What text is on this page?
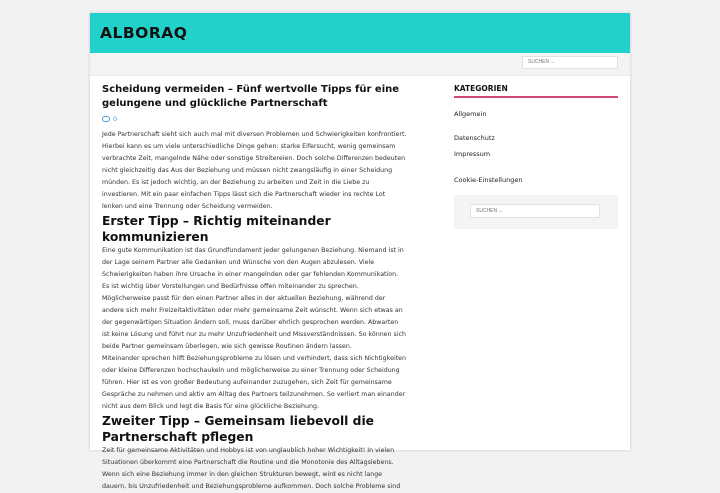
ALBORAQ
SUCHEN ...
Scheidung vermeiden – Fünf wertvolle Tipps für eine gelungene und glückliche Partnerschaft
0

Jede Partnerschaft sieht sich auch mal mit diversen Problemen und Schwierigkeiten konfrontiert.
Hierbei kann es um viele unterschiedliche Dinge gehen: starke Eifersucht, wenig gemeinsam
verbrachte Zeit, mangelnde Nähe oder sonstige Streitereien. Doch solche Differenzen bedeuten
nicht gleichzeitig das Aus der Beziehung und müssen nicht zwangsläufig in einer Scheidung
münden. Es ist jedoch wichtig, an der Beziehung zu arbeiten und Zeit in die Liebe zu
investieren. Mit ein paar einfachen Tipps lässt sich die Partnerschaft wieder ins rechte Lot
lenken und eine Trennung oder Scheidung vermeiden.

Erster Tipp – Richtig miteinander kommunizieren

Eine gute Kommunikation ist das Grundfundament jeder gelungenen Beziehung. Niemand ist in
der Lage seinem Partner alle Gedanken und Wünsche von den Augen abzulesen. Viele
Schwierigkeiten haben ihre Ursache in einer mangelnden oder gar fehlenden Kommunikation.
Es ist wichtig über Vorstellungen und Bedürfnisse offen miteinander zu sprechen.
Möglicherweise passt für den einen Partner alles in der aktuellen Beziehung, während der
andere sich mehr Freizeitaktivitäten oder mehr gemeinsame Zeit wünscht. Wenn sich etwas an
der gegenwärtigen Situation ändern soll, muss darüber ehrlich gesprochen werden. Abwarten
ist keine Lösung und führt nur zu mehr Unzufriedenheit und Missverständnissen. So können sich
beide Partner gemeinsam überlegen, wie sich gewisse Routinen ändern lassen.
Miteinander sprechen hilft Beziehungsprobleme zu lösen und verhindert, dass sich Nichtigkeiten
oder kleine Differenzen hochschaukeln und möglicherweise zu einer Trennung oder Scheidung
führen. Hier ist es von großer Bedeutung aufeinander zuzugehen, sich Zeit für gemeinsame
Gespräche zu nehmen und aktiv am Alltag des Partners teilzunehmen. So verliert man einander
nicht aus dem Blick und legt die Basis für eine glückliche Beziehung.

Zweiter Tipp – Gemeinsam liebevoll die
Partnerschaft pflegen

Zeit für gemeinsame Aktivitäten und Hobbys ist von unglaublich hoher Wichtigkeit! In vielen
Situationen überkommt eine Partnerschaft die Routine und die Monotonie des Alltagslebens.
Wenn sich eine Beziehung immer in den gleichen Strukturen bewegt, wird es nicht lange
dauern, bis Unzufriedenheit und Beziehungsprobleme aufkommen. Doch solche Probleme sind

KATEGORIEN
Allgemein
Datenschutz
Impressum
Cookie-Einstellungen
SUCHEN ...
